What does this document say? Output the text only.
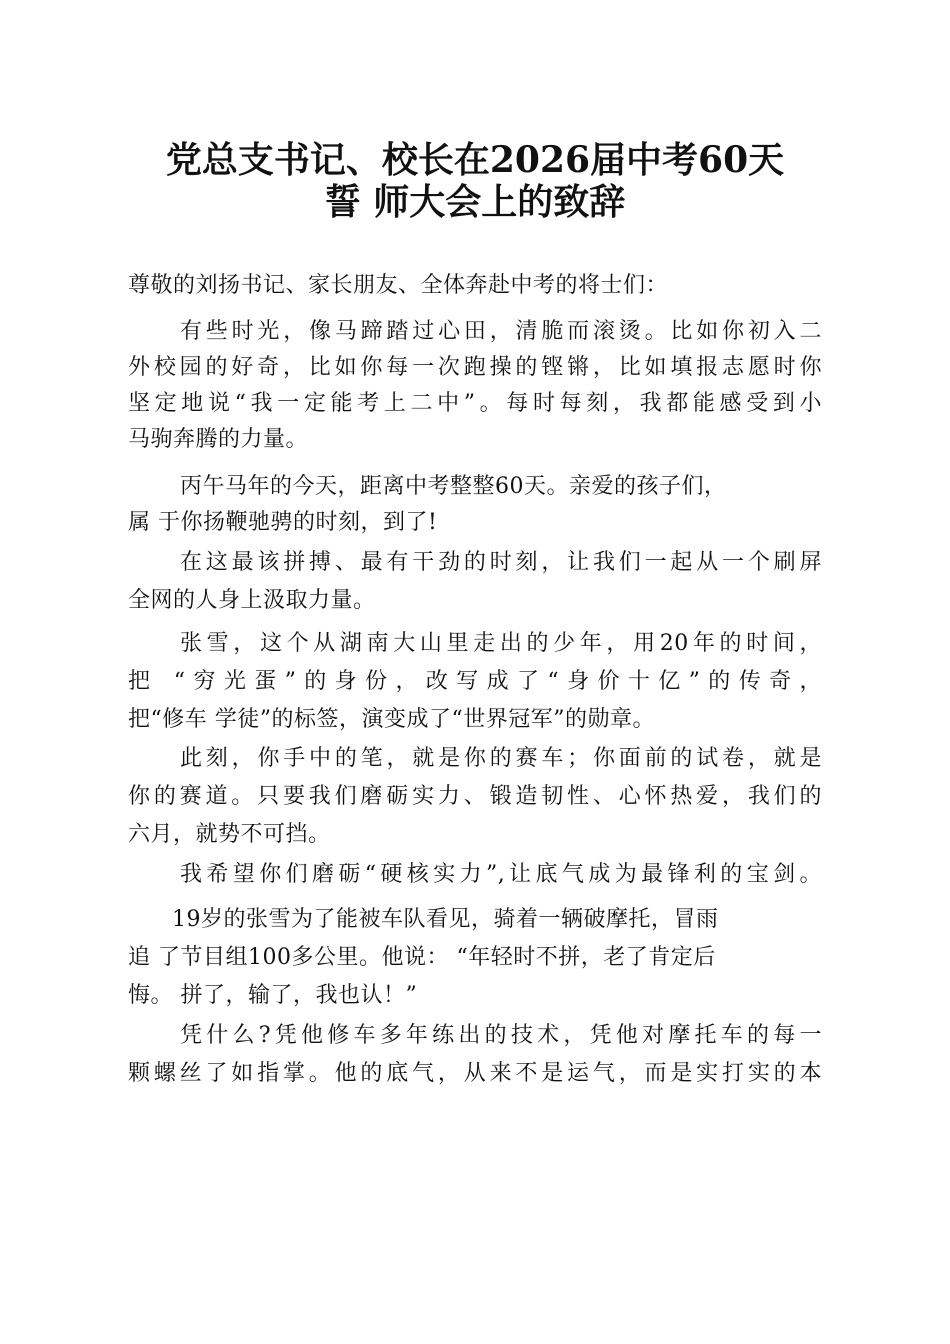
党总支书记、校长在2026届中考60天
誓 师大会上的致辞
尊敬的刘扬书记、家长朋友、全体奔赴中考的将士们：
有些时光，像马蹄踏过心田，清脆而滚烫。比如你初入二
外校园的好奇，比如你每一次跑操的铿锵，比如填报志愿时你
坚定地说“我一定能考上二中”。每时每刻，我都能感受到小
马驹奔腾的力量。
丙午马年的今天，距离中考整整60天。亲爱的孩子们，
属 于你扬鞭驰骋的时刻，到了!
在这最该拼搏、最有干劲的时刻，让我们一起从一个刷屏
全网的人身上汲取力量。
张雪，这个从湖南大山里走出的少年，用20年的时间，
把 “穷光蛋”的身份，改写成了“身价十亿”的传奇，
把“修车 学徒”的标签，演变成了“世界冠军”的勋章。
此刻，你手中的笔，就是你的赛车；你面前的试卷，就是
你的赛道。只要我们磨砺实力、锻造韧性、心怀热爱，我们的
六月，就势不可挡。
我希望你们磨砺“硬核实力”,让底气成为最锋利的宝剑。
19岁的张雪为了能被车队看见，骑着一辆破摩托，冒雨
追 了节目组100多公里。他说： “年轻时不拼，老了肯定后
悔。 拼了，输了，我也认！”
凭什么?凭他修车多年练出的技术，凭他对摩托车的每一
颗螺丝了如指掌。他的底气，从来不是运气，而是实打实的本
